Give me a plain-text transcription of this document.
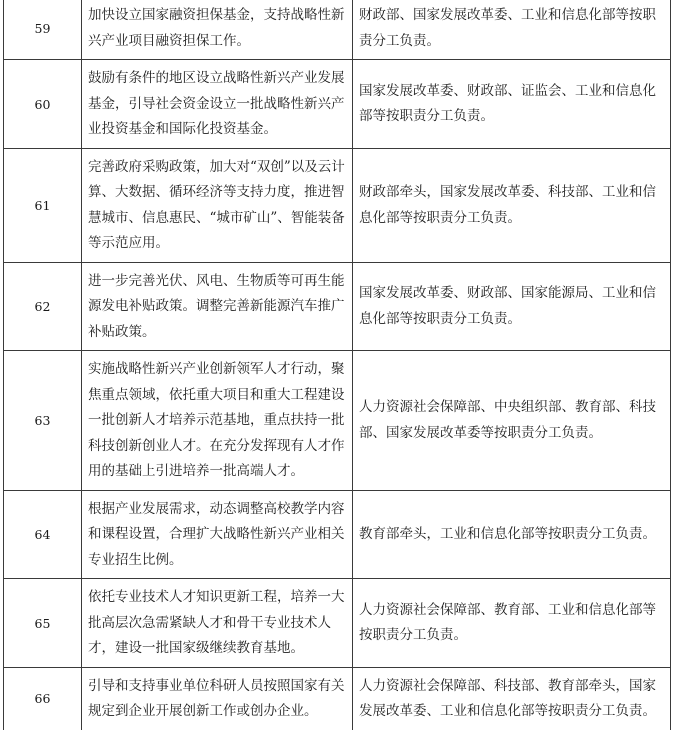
59	加快设立国家融资担保基金，支持战略性新兴产业项目融资担保工作。	财政部、国家发展改革委、工业和信息化部等按职责分工负责。
60	鼓励有条件的地区设立战略性新兴产业发展基金，引导社会资金设立一批战略性新兴产业投资基金和国际化投资基金。	国家发展改革委、财政部、证监会、工业和信息化部等按职责分工负责。
61	完善政府采购政策，加大对“双创”以及云计算、大数据、循环经济等支持力度，推进智慧城市、信息惠民、“城市矿山”、智能装备等示范应用。	财政部牵头，国家发展改革委、科技部、工业和信息化部等按职责分工负责。
62	进一步完善光伏、风电、生物质等可再生能源发电补贴政策。调整完善新能源汽车推广补贴政策。	国家发展改革委、财政部、国家能源局、工业和信息化部等按职责分工负责。
63	实施战略性新兴产业创新领军人才行动，聚焦重点领域，依托重大项目和重大工程建设一批创新人才培养示范基地，重点扶持一批科技创新创业人才。在充分发挥现有人才作用的基础上引进培养一批高端人才。	人力资源社会保障部、中央组织部、教育部、科技部、国家发展改革委等按职责分工负责。
64	根据产业发展需求，动态调整高校教学内容和课程设置，合理扩大战略性新兴产业相关专业招生比例。	教育部牵头，工业和信息化部等按职责分工负责。
65	依托专业技术人才知识更新工程，培养一大批高层次急需紧缺人才和骨干专业技术人才，建设一批国家级继续教育基地。	人力资源社会保障部、教育部、工业和信息化部等按职责分工负责。
66	引导和支持事业单位科研人员按照国家有关规定到企业开展创新工作或创办企业。	人力资源社会保障部、科技部、教育部牵头，国家发展改革委、工业和信息化部等按职责分工负责。
